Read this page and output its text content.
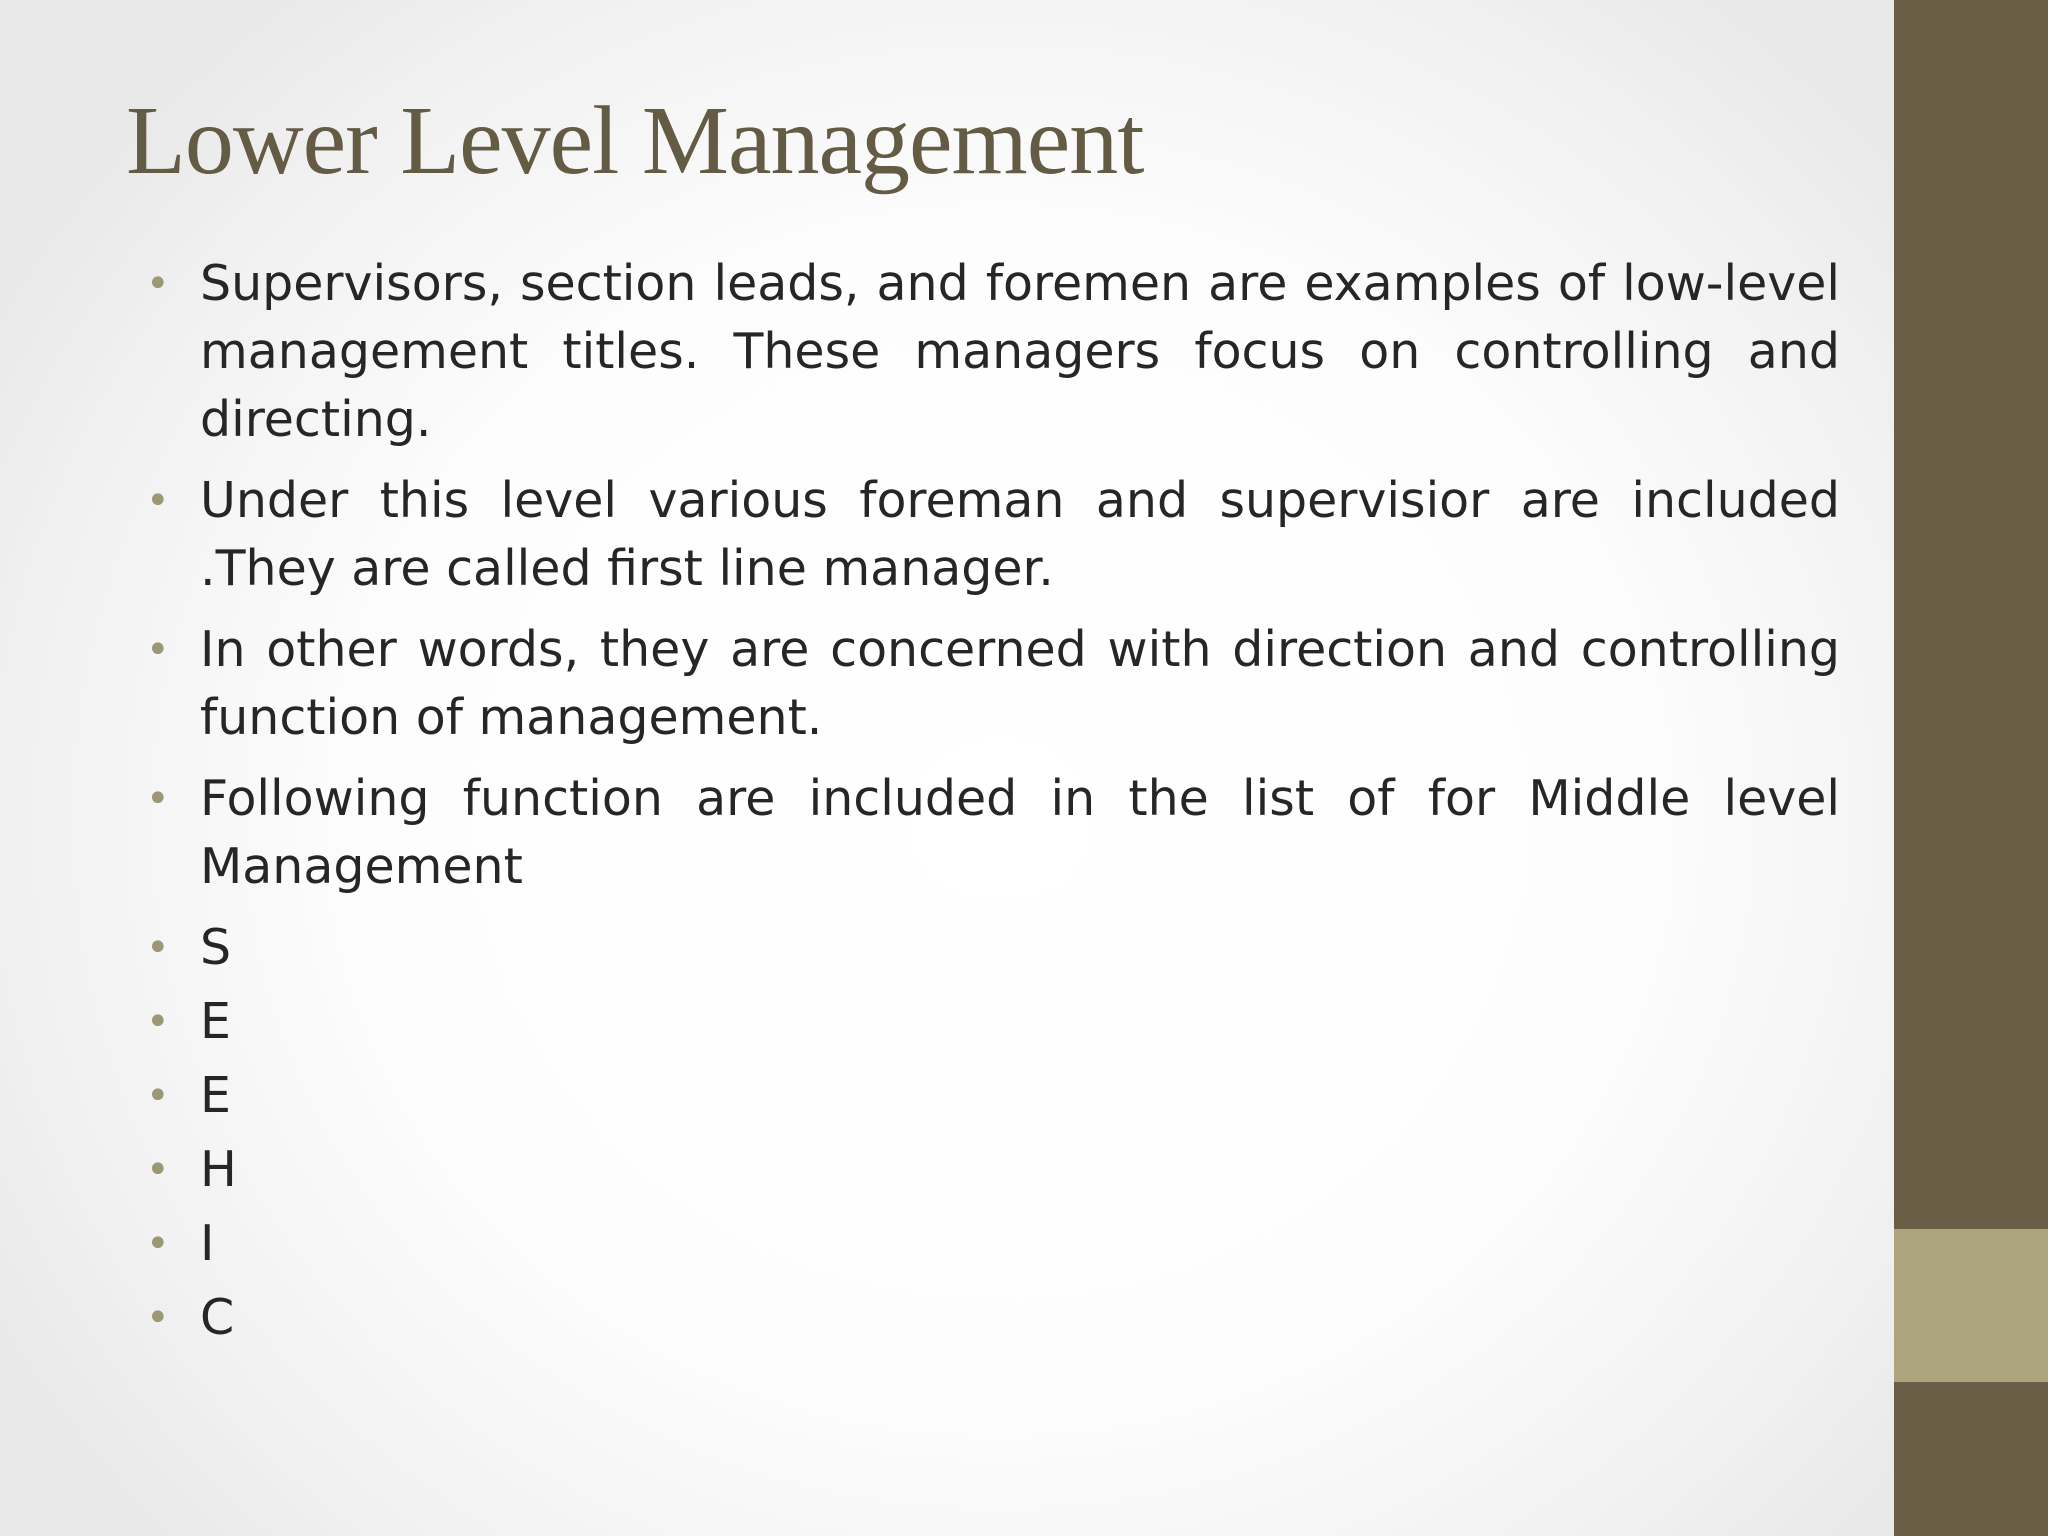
Lower Level Management
• Supervisors, section leads, and foremen are examples of low-level management titles. These managers focus on controlling and directing.
• Under this level various foreman and supervisior are included .They are called first line manager.
• In other words, they are concerned with direction and controlling function of management.
• Following function are included in the list of for Middle level Management
• S
• E
• E
• H
• I
• C
